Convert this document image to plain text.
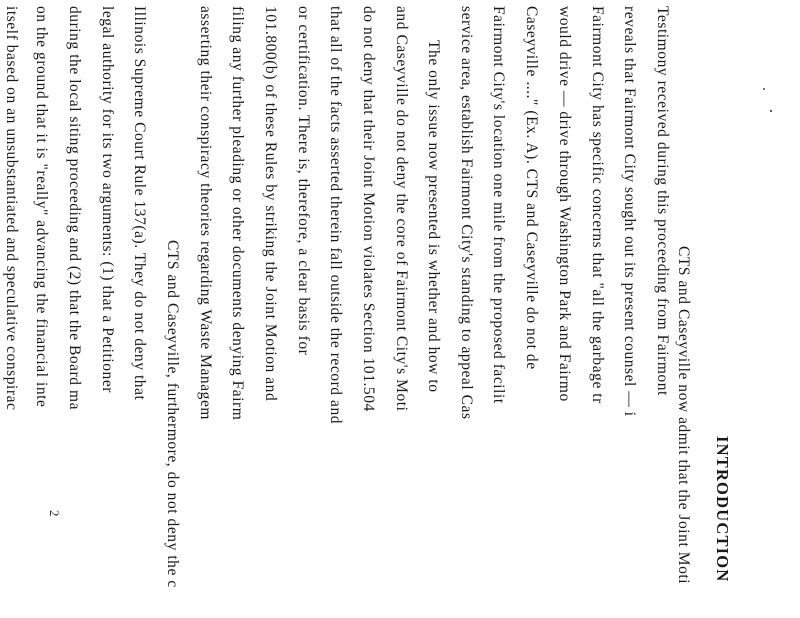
INTRODUCTION
CTS and Caseyville now admit that the Joint Moti
Testimony received during this proceeding from Fairmont
reveals that Fairmont City sought out its present counsel — i
Fairmont City has specific concerns that "all the garbage tr
would drive — drive through Washington Park and Fairmo
Caseyville ...." (Ex. A). CTS and Caseyville do not de
Fairmont City's location one mile from the proposed facilit
service area, establish Fairmont City's standing to appeal Cas
The only issue now presented is whether and how to
and Caseyville do not deny the core of Fairmont City's Moti
do not deny that their Joint Motion violates Section 101.504
that all of the facts asserted therein fall outside the record and
or certification. There is, therefore, a clear basis for
101.800(b) of these Rules by striking the Joint Motion and
filing any further pleading or other documents denying Fairm
asserting their conspiracy theories regarding Waste Managem
CTS and Caseyville, furthermore, do not deny the c
Illinois Supreme Court Rule 137(a). They do not deny that
legal authority for its two arguments: (1) that a Petitioner
during the local siting proceeding and (2) that the Board ma
on the ground that it is "really" advancing the financial inte
itself based on an unsubstantiated and speculative conspirac
2
